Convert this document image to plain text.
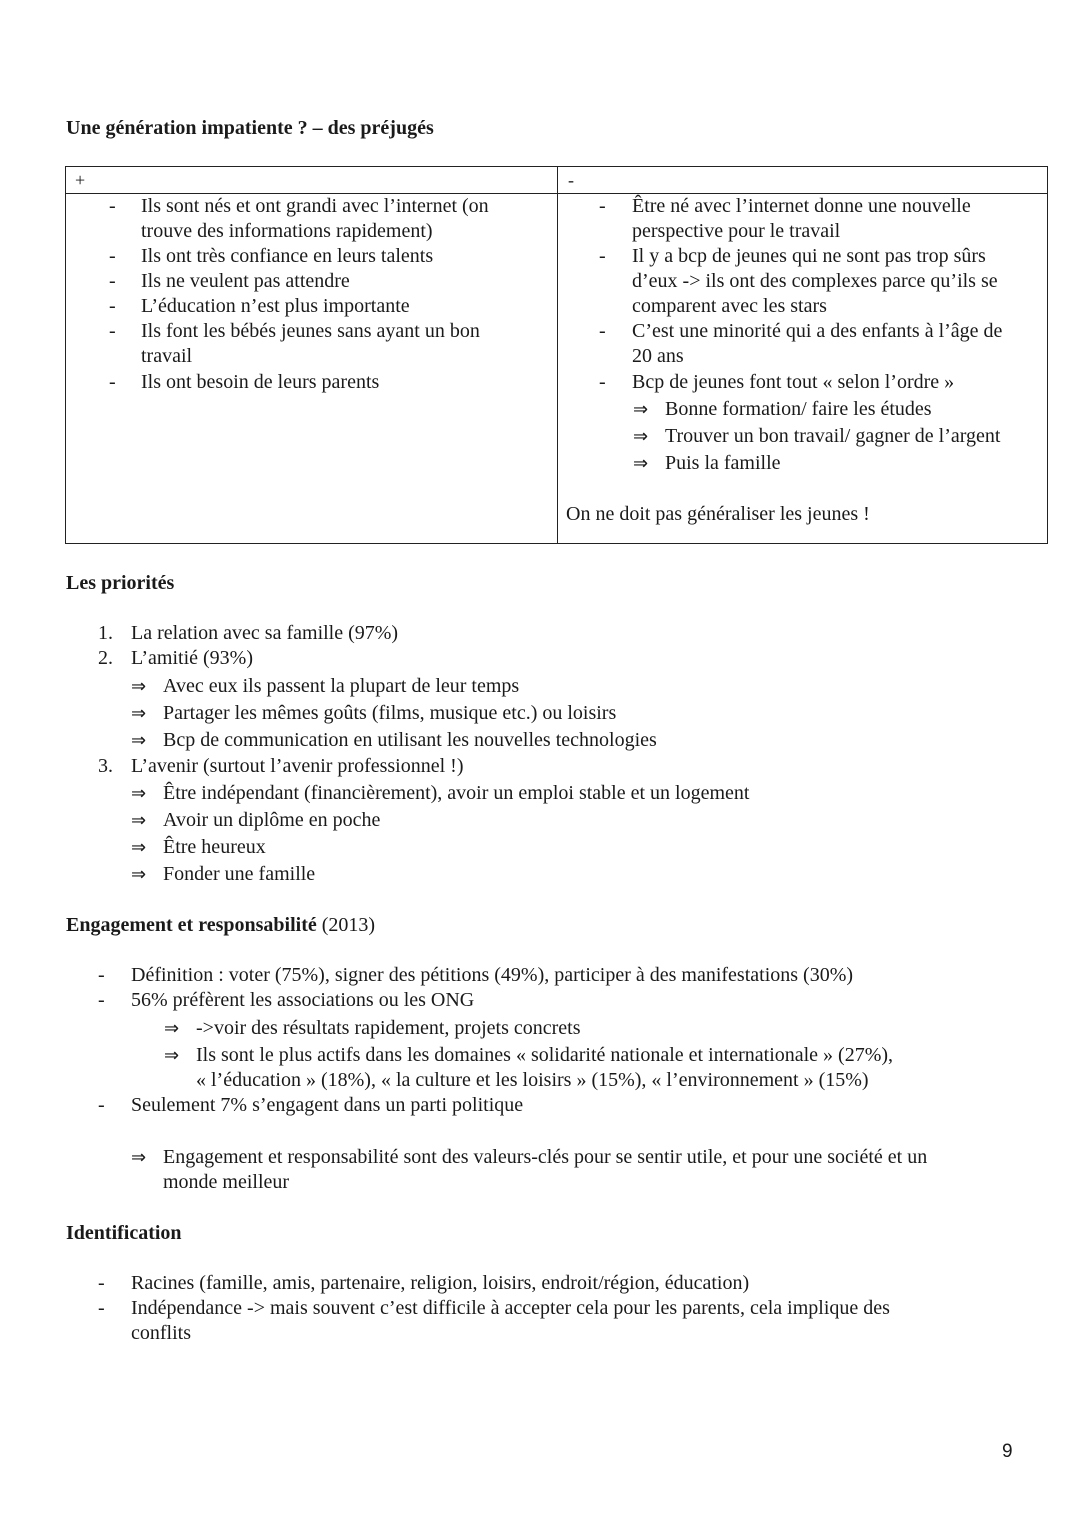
Une génération impatiente ? – des préjugés
+	-
- Ils sont nés et ont grandi avec l’internet (on
trouve des informations rapidement)
- Ils ont très confiance en leurs talents
- Ils ne veulent pas attendre
- L’éducation n’est plus importante
- Ils font les bébés jeunes sans ayant un bon
travail
- Ils ont besoin de leurs parents
- Être né avec l’internet donne une nouvelle
perspective pour le travail
- Il y a bcp de jeunes qui ne sont pas trop sûrs
d’eux -> ils ont des complexes parce qu’ils se
comparent avec les stars
- C’est une minorité qui a des enfants à l’âge de
20 ans
- Bcp de jeunes font tout « selon l’ordre »
⇒ Bonne formation/ faire les études
⇒ Trouver un bon travail/ gagner de l’argent
⇒ Puis la famille
On ne doit pas généraliser les jeunes !
Les priorités
1. La relation avec sa famille (97%)
2. L’amitié (93%)
⇒ Avec eux ils passent la plupart de leur temps
⇒ Partager les mêmes goûts (films, musique etc.) ou loisirs
⇒ Bcp de communication en utilisant les nouvelles technologies
3. L’avenir (surtout l’avenir professionnel !)
⇒ Être indépendant (financièrement), avoir un emploi stable et un logement
⇒ Avoir un diplôme en poche
⇒ Être heureux
⇒ Fonder une famille
Engagement et responsabilité (2013)
- Définition : voter (75%), signer des pétitions (49%), participer à des manifestations (30%)
- 56% préfèrent les associations ou les ONG
⇒ ->voir des résultats rapidement, projets concrets
⇒ Ils sont le plus actifs dans les domaines « solidarité nationale et internationale » (27%),
« l’éducation » (18%), « la culture et les loisirs » (15%), « l’environnement » (15%)
- Seulement 7% s’engagent dans un parti politique
⇒ Engagement et responsabilité sont des valeurs-clés pour se sentir utile, et pour une société et un
monde meilleur
Identification
- Racines (famille, amis, partenaire, religion, loisirs, endroit/région, éducation)
- Indépendance -> mais souvent c’est difficile à accepter cela pour les parents, cela implique des
conflits
9
